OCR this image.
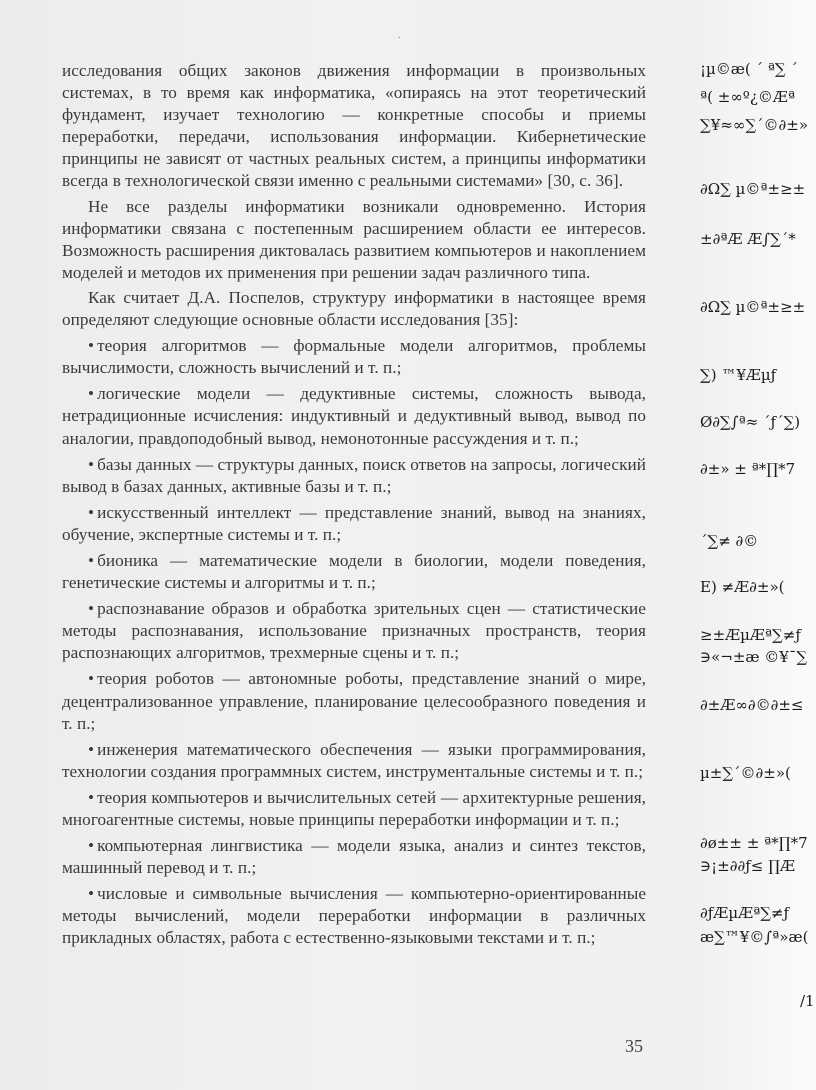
.

исследования общих законов движения информации в произвольных системах, в то время как информатика, «опираясь на этот теоретический фундамент, изучает технологию — конкретные способы и приемы переработки, передачи, использования информации. Кибернетические принципы не зависят от частных реальных систем, а принципы информатики всегда в технологической связи именно с реальными системами» [30, с. 36].

Не все разделы информатики возникали одновременно. История информатики связана с постепенным расширением области ее интересов. Возможность расширения диктовалась развитием компьютеров и накоплением моделей и методов их применения при решении задач различного типа.

Как считает Д.А. Поспелов, структуру информатики в настоящее время определяют следующие основные области исследования [35]:

• теория алгоритмов — формальные модели алгоритмов, проблемы вычислимости, сложность вычислений и т. п.;

• логические модели — дедуктивные системы, сложность вывода, нетрадиционные исчисления: индуктивный и дедуктивный вывод, вывод по аналогии, правдоподобный вывод, немонотонные рассуждения и т. п.;

• базы данных — структуры данных, поиск ответов на запросы, логический вывод в базах данных, активные базы и т. п.;

• искусственный интеллект — представление знаний, вывод на знаниях, обучение, экспертные системы и т. п.;

• бионика — математические модели в биологии, модели поведения, генетические системы и алгоритмы и т. п.;

• распознавание образов и обработка зрительных сцен — статистические методы распознавания, использование призначных пространств, теория распознающих алгоритмов, трехмерные сцены и т. п.;

• теория роботов — автономные роботы, представление знаний о мире, децентрализованное управление, планирование целесообразного поведения и т. п.;

• инженерия математического обеспечения — языки программирования, технологии создания программных систем, инструментальные системы и т. п.;

• теория компьютеров и вычислительных сетей — архитектурные решения, многоагентные системы, новые принципы переработки информации и т. п.;

• компьютерная лингвистика — модели языка, анализ и синтез текстов, машинный перевод и т. п.;

• числовые и символьные вычисления — компьютерно-ориентированные методы вычислений, модели переработки информации в различных прикладных областях, работа с естественно-языковыми текстами и т. п.;

35
¡µ©æ( ´ ª∑ ´
ª( ±∞º¿©Æª
∑¥≈∞∑´©∂±»
∂Ω∑ µ©ª±≥±
±∂ªÆ Æ∫∑´*
∂Ω∑ µ©ª±≥±
∑) ™¥Æµƒ
Ø∂∑∫ª≈ ´ƒ´∑)
∂±» ± ª*∏*7
´∑≠ ∂©
E) ≠Æ∂±»(
≥±ÆµÆª∑≠ƒ
∋«¬±æ ©¥¯∑
∂±Æ∞∂©∂±≤
µ±∑´©∂±»(
∂ø±± ± ª*∏*7
∋¡±∂∂ƒ≤ ∏Æ
∂ƒÆµÆª∑≠ƒ
æ∑™¥©∫ª»æ(
/1
